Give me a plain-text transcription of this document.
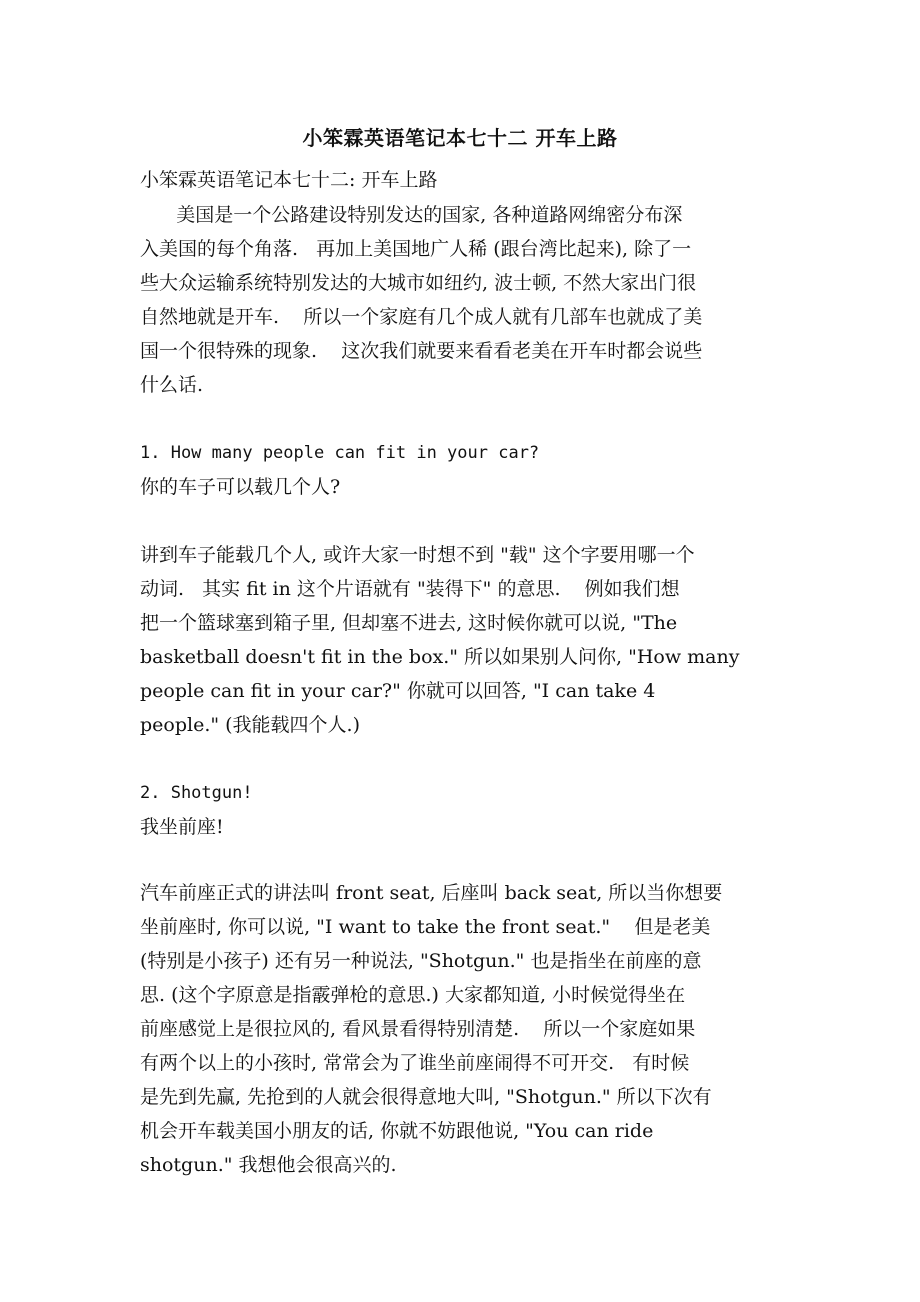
小笨霖英语笔记本七十二 开车上路
小笨霖英语笔记本七十二: 开车上路
美国是一个公路建设特别发达的国家, 各种道路网绵密分布深
入美国的每个角落.   再加上美国地广人稀 (跟台湾比起来), 除了一
些大众运输系统特别发达的大城市如纽约, 波士顿, 不然大家出门很
自然地就是开车.    所以一个家庭有几个成人就有几部车也就成了美
国一个很特殊的现象.    这次我们就要来看看老美在开车时都会说些
什么话.
1. How many people can fit in your car?
你的车子可以载几个人?
讲到车子能载几个人, 或许大家一时想不到 "载" 这个字要用哪一个
动词.   其实 fit in 这个片语就有 "装得下" 的意思.    例如我们想
把一个篮球塞到箱子里, 但却塞不进去, 这时候你就可以说, "The
basketball doesn't fit in the box." 所以如果别人问你, "How many
people can fit in your car?" 你就可以回答, "I can take 4
people." (我能载四个人.)
2. Shotgun!
我坐前座!
汽车前座正式的讲法叫 front seat, 后座叫 back seat, 所以当你想要
坐前座时, 你可以说, "I want to take the front seat."    但是老美
(特别是小孩子) 还有另一种说法, "Shotgun." 也是指坐在前座的意
思. (这个字原意是指霰弹枪的意思.) 大家都知道, 小时候觉得坐在
前座感觉上是很拉风的, 看风景看得特别清楚.    所以一个家庭如果
有两个以上的小孩时, 常常会为了谁坐前座闹得不可开交.   有时候
是先到先赢, 先抢到的人就会很得意地大叫, "Shotgun." 所以下次有
机会开车载美国小朋友的话, 你就不妨跟他说, "You can ride
shotgun." 我想他会很高兴的.
